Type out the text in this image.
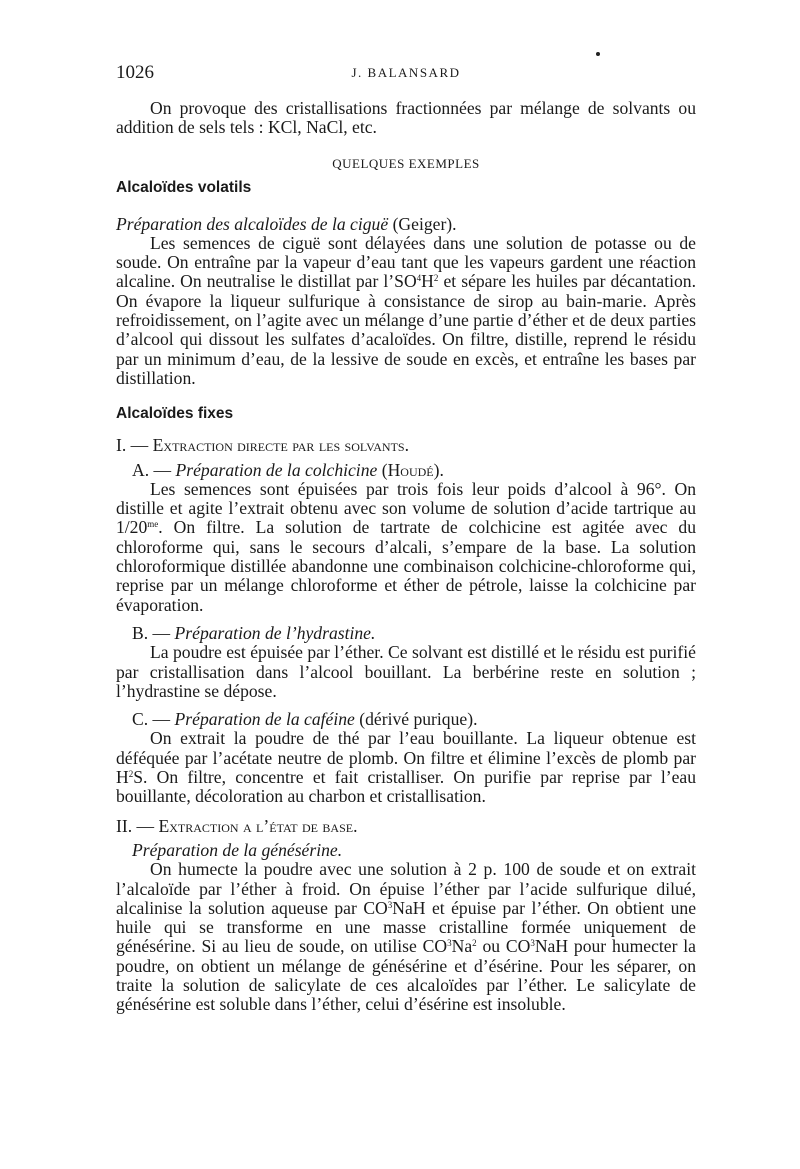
1026	J. BALANSARD

On provoque des cristallisations fractionnées par mélange de solvants ou addition de sels tels : KCl, NaCl, etc.

QUELQUES EXEMPLES

Alcaloïdes volatils

Préparation des alcaloïdes de la ciguë (Geiger).

Les semences de ciguë sont délayées dans une solution de potasse ou de soude. On entraîne par la vapeur d’eau tant que les vapeurs gardent une réaction alcaline. On neutralise le distillat par $l’SO^4H^2$ et sépare les huiles par décantation. On évapore la liqueur sulfurique à consistance de sirop au bain-marie. Après refroidissement, on l’agite avec un mélange d’une partie d’éther et de deux parties d’alcool qui dissout les sulfates d’acaloïdes. On filtre, distille, reprend le résidu par un minimum d’eau, de la lessive de soude en excès, et entraîne les bases par distillation.

Alcaloïdes fixes

I. — Extraction directe par les solvants.

A. — Préparation de la colchicine (Houdé).

Les semences sont épuisées par trois fois leur poids d’alcool à 96°. On distille et agite l’extrait obtenu avec son volume de solution d’acide tartrique au $1/20^{me}$. On filtre. La solution de tartrate de colchicine est agitée avec du chloroforme qui, sans le secours d’alcali, s’empare de la base. La solution chloroformique distillée abandonne une combinaison colchicine-chloroforme qui, reprise par un mélange chloroforme et éther de pétrole, laisse la colchicine par évaporation.

B. — Préparation de l’hydrastine.

La poudre est épuisée par l’éther. Ce solvant est distillé et le résidu est purifié par cristallisation dans l’alcool bouillant. La berbérine reste en solution ; l’hydrastine se dépose.

C. — Préparation de la caféine (dérivé purique).

On extrait la poudre de thé par l’eau bouillante. La liqueur obtenue est déféquée par l’acétate neutre de plomb. On filtre et élimine l’excès de plomb par $H^2S$. On filtre, concentre et fait cristalliser. On purifie par reprise par l’eau bouillante, décoloration au charbon et cristallisation.

II. — Extraction a l’état de base.

Préparation de la génésérine.

On humecte la poudre avec une solution à 2 p. 100 de soude et on extrait l’alcaloïde par l’éther à froid. On épuise l’éther par l’acide sulfurique dilué, alcalinise la solution aqueuse par $CO^3NaH$ et épuise par l’éther. On obtient une huile qui se transforme en une masse cristalline formée uniquement de génésérine. Si au lieu de soude, on utilise $CO^3Na^2$ ou $CO^3NaH$ pour humecter la poudre, on obtient un mélange de génésérine et d’ésérine. Pour les séparer, on traite la solution de salicylate de ces alcaloïdes par l’éther. Le salicylate de génésérine est soluble dans l’éther, celui d’ésérine est insoluble.
